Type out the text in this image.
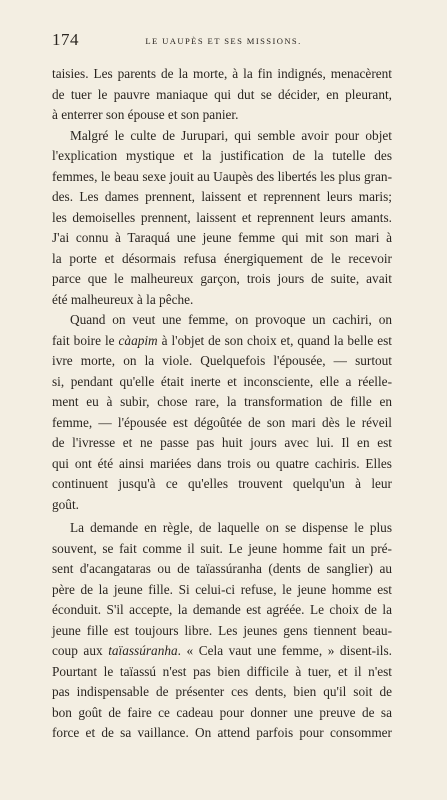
174	LE UAUPÈS ET SES MISSIONS.
taisies. Les parents de la morte, à la fin indignés, menacèrent
de tuer le pauvre maniaque qui dut se décider, en pleurant,
à enterrer son épouse et son panier.
Malgré le culte de Jurupari, qui semble avoir pour objet
l'explication mystique et la justification de la tutelle des
femmes, le beau sexe jouit au Uaupès des libertés les plus gran-
des. Les dames prennent, laissent et reprennent leurs maris;
les demoiselles prennent, laissent et reprennent leurs amants.
J'ai connu à Taraquá une jeune femme qui mit son mari à
la porte et désormais refusa énergiquement de le recevoir
parce que le malheureux garçon, trois jours de suite, avait
été malheureux à la pêche.
Quand on veut une femme, on provoque un cachiri, on
fait boire le càapim à l'objet de son choix et, quand la belle est
ivre morte, on la viole. Quelquefois l'épousée, — surtout
si, pendant qu'elle était inerte et inconsciente, elle a réelle-
ment eu à subir, chose rare, la transformation de fille en
femme, — l'épousée est dégoûtée de son mari dès le réveil
de l'ivresse et ne passe pas huit jours avec lui. Il en est
qui ont été ainsi mariées dans trois ou quatre cachiris. Elles
continuent jusqu'à ce qu'elles trouvent quelqu'un à leur
goût.
La demande en règle, de laquelle on se dispense le plus
souvent, se fait comme il suit. Le jeune homme fait un pré-
sent d'acangataras ou de taïassúranha (dents de sanglier) au
père de la jeune fille. Si celui-ci refuse, le jeune homme est
éconduit. S'il accepte, la demande est agréée. Le choix de la
jeune fille est toujours libre. Les jeunes gens tiennent beau-
coup aux taïassúranha. « Cela vaut une femme, » disent-ils.
Pourtant le taïassú n'est pas bien difficile à tuer, et il n'est
pas indispensable de présenter ces dents, bien qu'il soit de
bon goût de faire ce cadeau pour donner une preuve de sa
force et de sa vaillance. On attend parfois pour consommer
